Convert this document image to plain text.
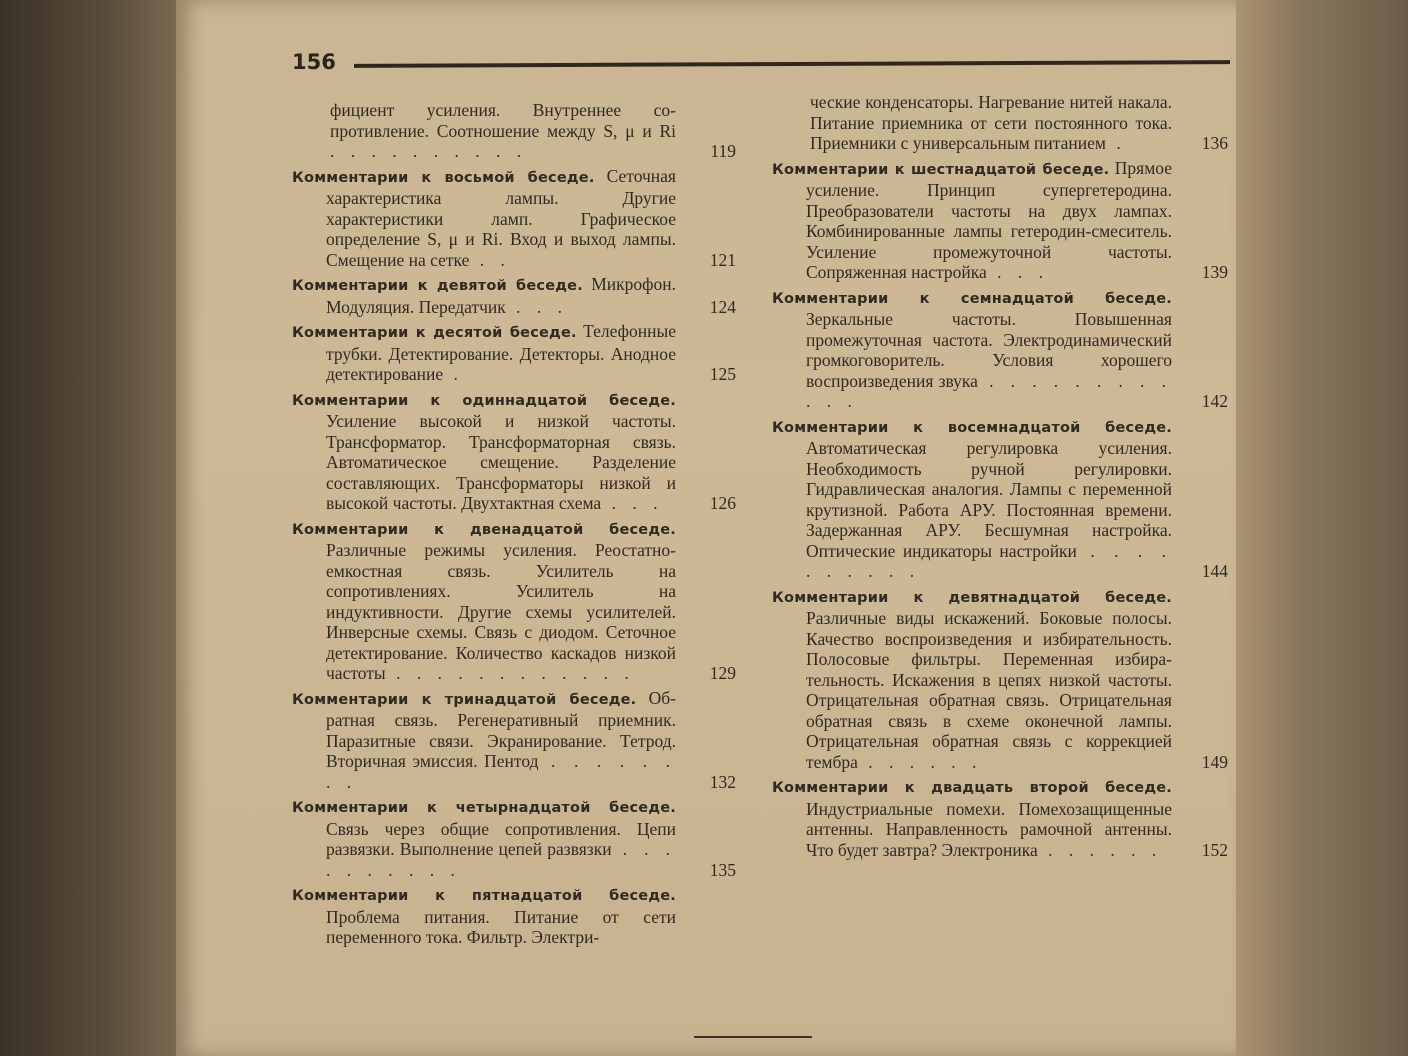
156
фициент усиления. Внутреннее сопротивление. Соотношение между S, μ и Ri . . . . . . . . . .	119
Комментарии к восьмой беседе. Сеточная характеристика лампы. Другие характеристики ламп. Графическое определение S, μ и Ri. Вход и выход лампы. Смещение на сетке . .	121
Комментарии к девятой беседе. Микрофон. Модуляция. Передатчик . . .	124
Комментарии к десятой беседе. Телефонные трубки. Детектирование. Детекторы. Анодное детектирование .	125
Комментарии к одиннадцатой беседе. Усиление высокой и низкой частоты. Трансформатор. Трансформаторная связь. Автоматическое смещение. Разделение составляющих. Трансформаторы низкой и высокой частоты. Двухтактная схема . . .	126
Комментарии к двенадцатой беседе. Различные режимы усиления. Реостатно-емкостная связь. Усилитель на сопротивлениях. Усилитель на индуктивности. Другие схемы усилителей. Инверсные схемы. Связь с диодом. Сеточное детектирование. Количество каскадов низкой частоты . . . . . . . . . . . .	129
Комментарии к тринадцатой беседе. Обратная связь. Регенеративный приемник. Паразитные связи. Экранирование. Тетрод. Вторичная эмиссия. Пентод . . . . . . . .	132
Комментарии к четырнадцатой беседе. Связь через общие сопротивления. Цепи развязки. Выполнение цепей развязки . . . . . . . . . .	135
Комментарии к пятнадцатой беседе. Проблема питания. Питание от сети переменного тока. Фильтр. Электри-
ческие конденсаторы. Нагревание нитей накала. Питание приемника от сети постоянного тока. Приемники с универсальным питанием .	136
Комментарии к шестнадцатой беседе. Прямое усиление. Принцип супергетеродина. Преобразователи частоты на двух лампах. Комбинированные лампы гетеродин-смеситель. Усиление промежуточной частоты. Сопряженная настройка . . .	139
Комментарии к семнадцатой беседе. Зеркальные частоты. Повышенная промежуточная частота. Электродинамический громкоговоритель. Условия хорошего воспроизведения звука . . . . . . . . . . . .	142
Комментарии к восемнадцатой беседе. Автоматическая регулировка усиления. Необходимость ручной регулировки. Гидравлическая аналогия. Лампы с переменной крутизной. Работа АРУ. Постоянная времени. Задержанная АРУ. Бесшумная настройка. Оптические индикаторы настройки . . . . . . . . . .	144
Комментарии к девятнадцатой беседе. Различные виды искажений. Боковые полосы. Качество воспроизведения и избирательность. Полосовые фильтры. Переменная избирательность. Искажения в цепях низкой частоты. Отрицательная обратная связь. Отрицательная обратная связь в схеме оконечной лампы. Отрицательная обратная связь с коррекцией тембра . . . . . .	149
Комментарии к двадцать второй беседе. Индустриальные помехи. Помехозащищенные антенны. Направленность рамочной антенны. Что будет завтра? Электроника . . . . . .	152
